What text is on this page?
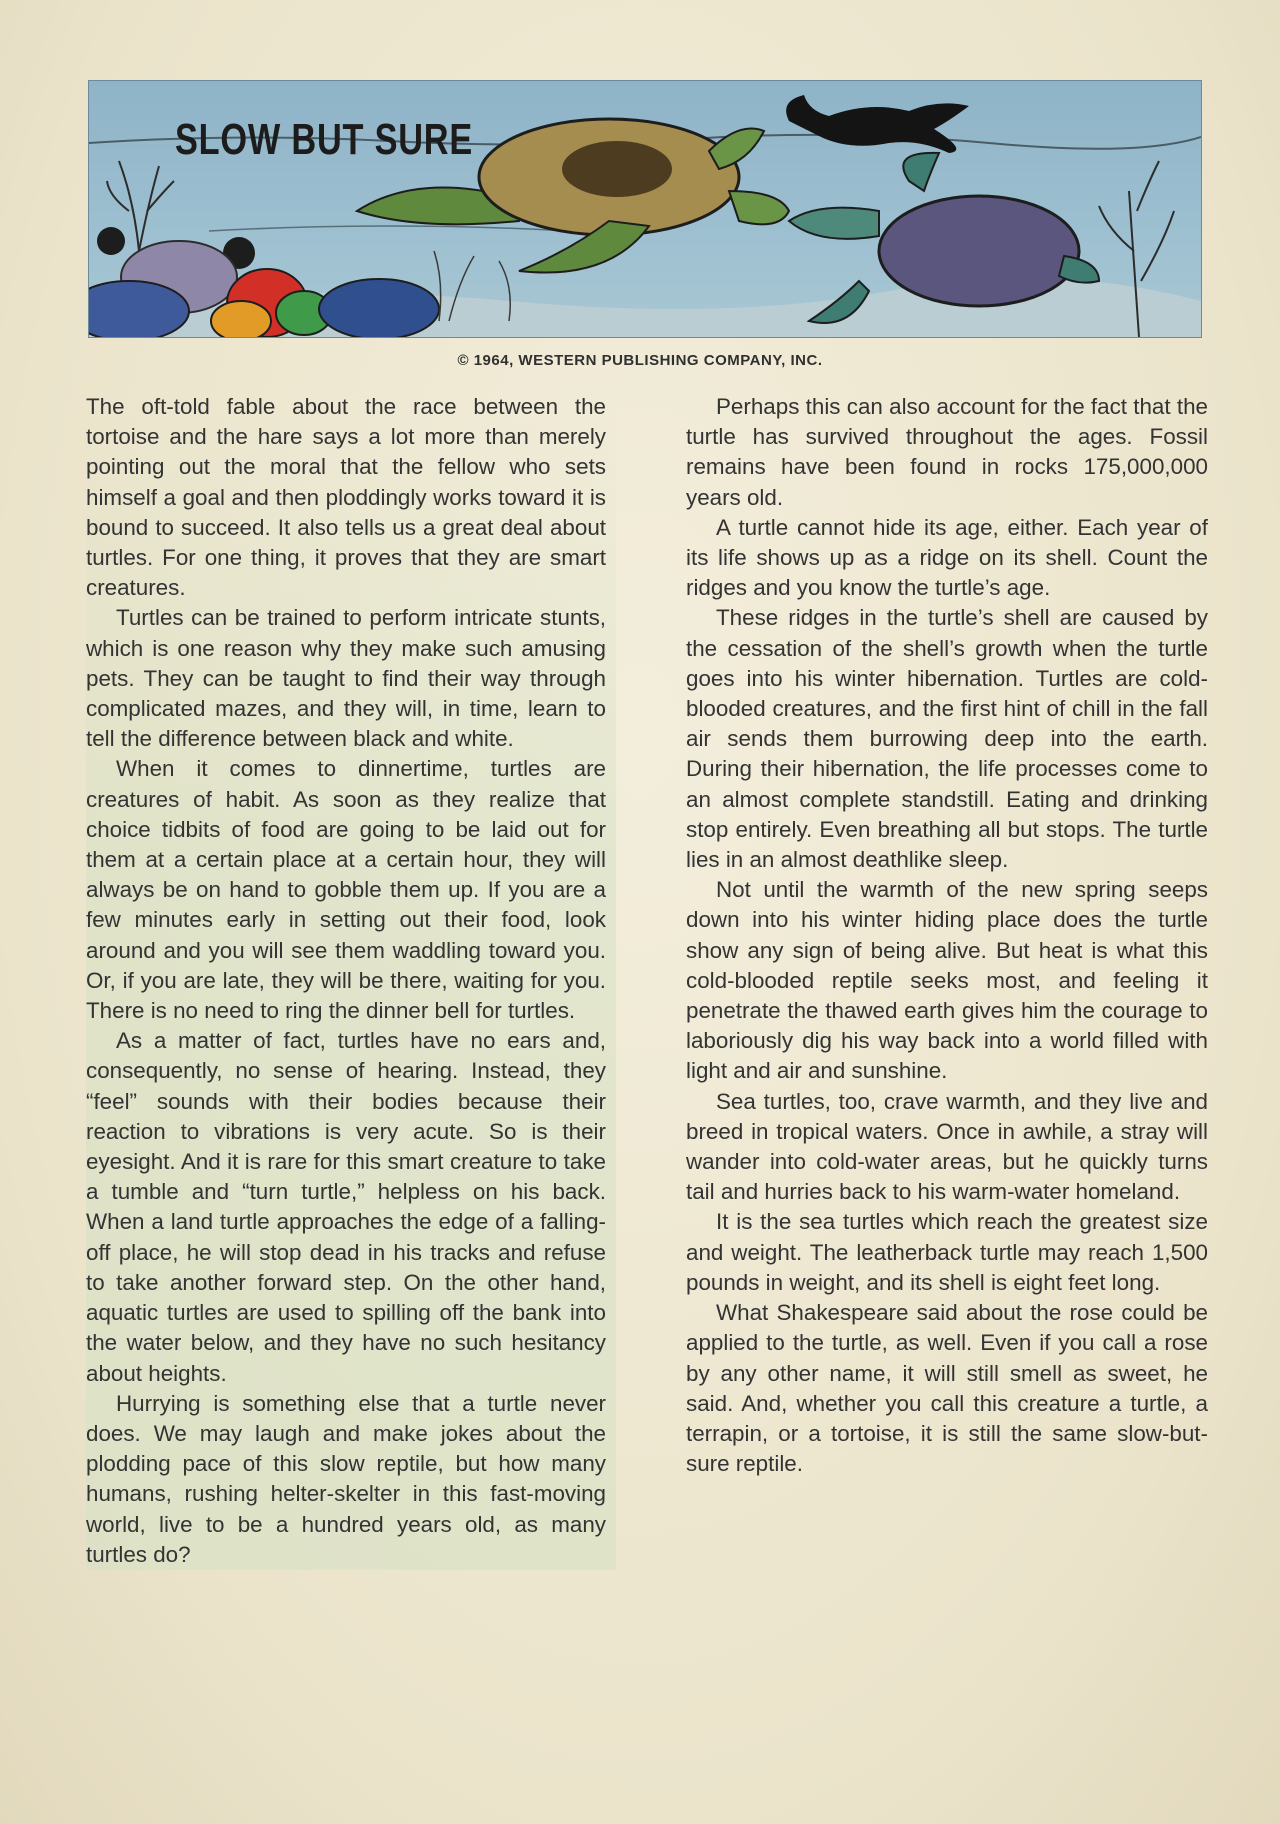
SLOW BUT SURE
© 1964, WESTERN PUBLISHING COMPANY, INC.

The oft-told fable about the race between the tortoise and the hare says a lot more than merely pointing out the moral that the fellow who sets himself a goal and then ploddingly works toward it is bound to succeed. It also tells us a great deal about turtles. For one thing, it proves that they are smart creatures.

Turtles can be trained to perform intricate stunts, which is one reason why they make such amusing pets. They can be taught to find their way through complicated mazes, and they will, in time, learn to tell the difference between black and white.

When it comes to dinnertime, turtles are creatures of habit. As soon as they realize that choice tidbits of food are going to be laid out for them at a certain place at a certain hour, they will always be on hand to gobble them up. If you are a few minutes early in setting out their food, look around and you will see them waddling toward you. Or, if you are late, they will be there, waiting for you. There is no need to ring the dinner bell for turtles.

As a matter of fact, turtles have no ears and, consequently, no sense of hearing. Instead, they “feel” sounds with their bodies because their reaction to vibrations is very acute. So is their eyesight. And it is rare for this smart creature to take a tumble and “turn turtle,” helpless on his back. When a land turtle approaches the edge of a falling-off place, he will stop dead in his tracks and refuse to take another forward step. On the other hand, aquatic turtles are used to spilling off the bank into the water below, and they have no such hesitancy about heights.

Hurrying is something else that a turtle never does. We may laugh and make jokes about the plodding pace of this slow reptile, but how many humans, rushing helter-skelter in this fast-moving world, live to be a hundred years old, as many turtles do?

Perhaps this can also account for the fact that the turtle has survived throughout the ages. Fossil remains have been found in rocks 175,000,000 years old.

A turtle cannot hide its age, either. Each year of its life shows up as a ridge on its shell. Count the ridges and you know the turtle’s age.

These ridges in the turtle’s shell are caused by the cessation of the shell’s growth when the turtle goes into his winter hibernation. Turtles are cold-blooded creatures, and the first hint of chill in the fall air sends them burrowing deep into the earth. During their hibernation, the life processes come to an almost complete standstill. Eating and drinking stop entirely. Even breathing all but stops. The turtle lies in an almost deathlike sleep.

Not until the warmth of the new spring seeps down into his winter hiding place does the turtle show any sign of being alive. But heat is what this cold-blooded reptile seeks most, and feeling it penetrate the thawed earth gives him the courage to laboriously dig his way back into a world filled with light and air and sunshine.

Sea turtles, too, crave warmth, and they live and breed in tropical waters. Once in awhile, a stray will wander into cold-water areas, but he quickly turns tail and hurries back to his warm-water homeland.

It is the sea turtles which reach the greatest size and weight. The leatherback turtle may reach 1,500 pounds in weight, and its shell is eight feet long.

What Shakespeare said about the rose could be applied to the turtle, as well. Even if you call a rose by any other name, it will still smell as sweet, he said. And, whether you call this creature a turtle, a terrapin, or a tortoise, it is still the same slow-but-sure reptile.
